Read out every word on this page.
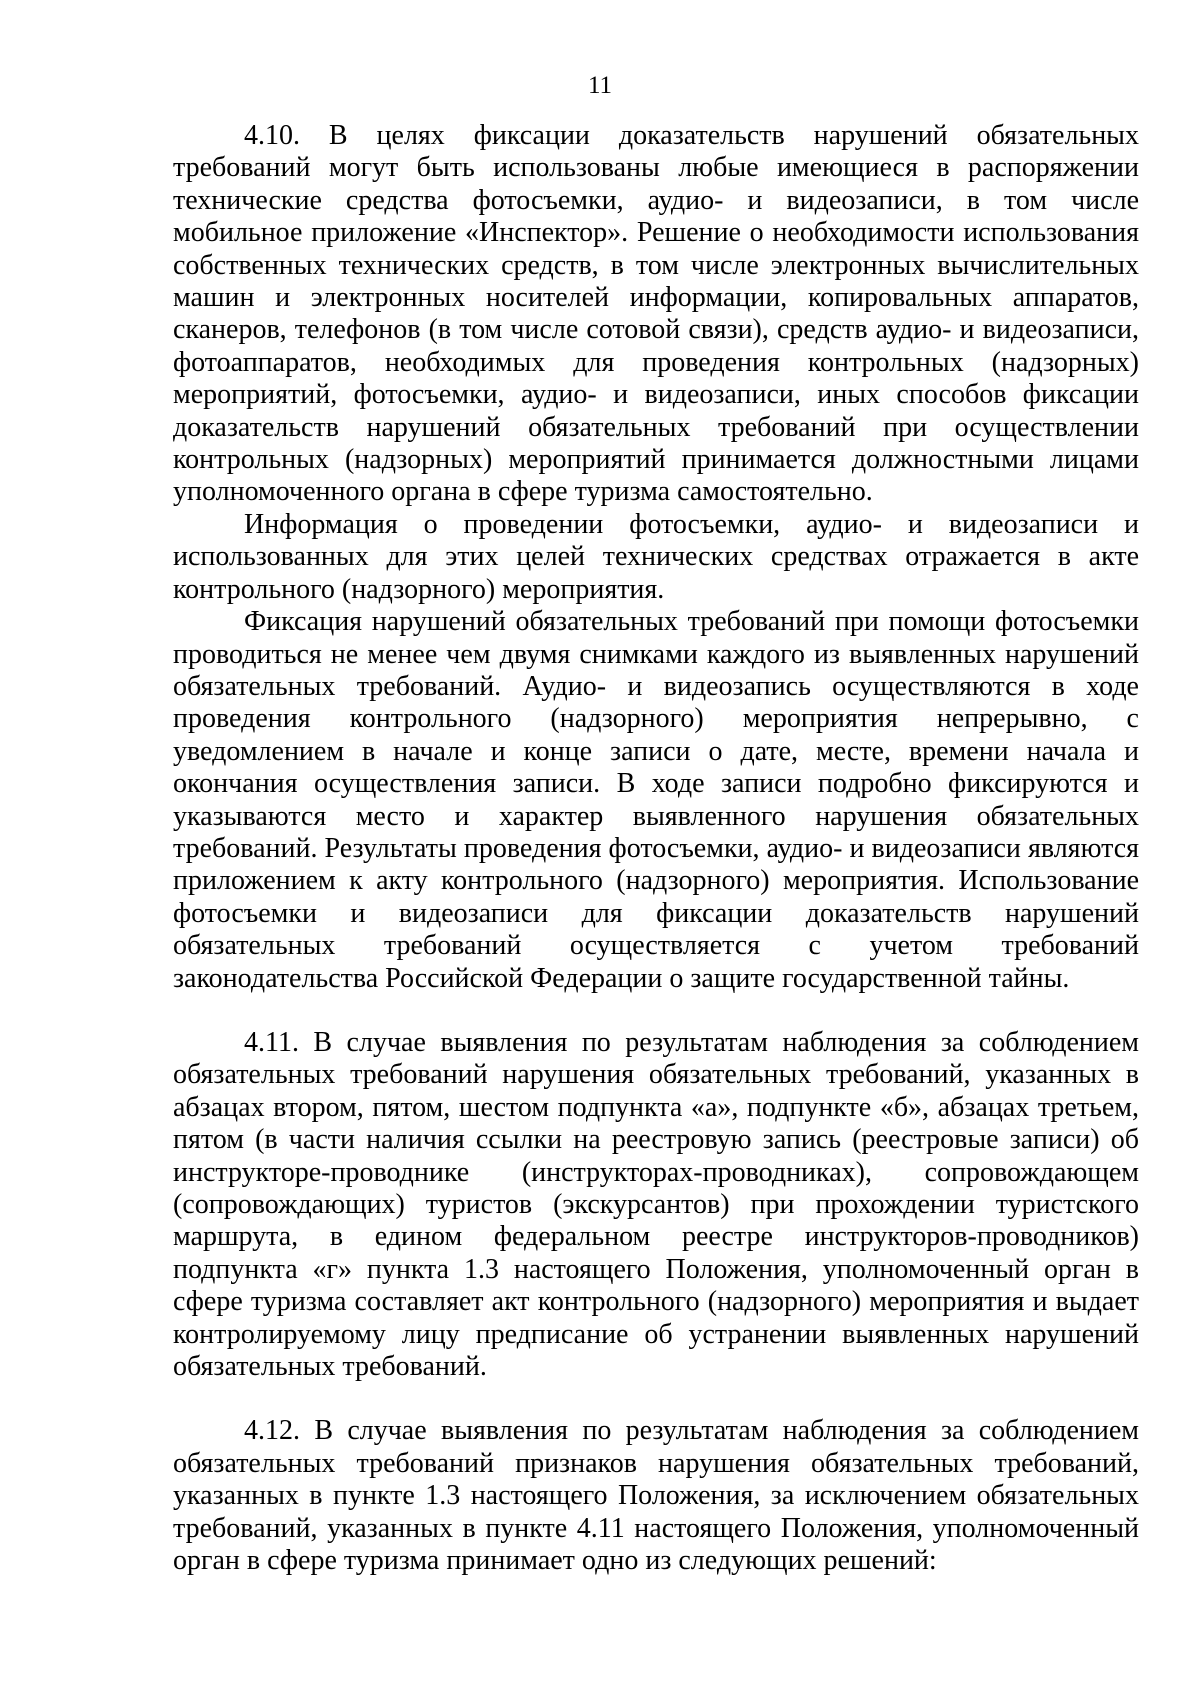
11

4.10. В целях фиксации доказательств нарушений обязательных требований могут быть использованы любые имеющиеся в распоряжении технические средства фотосъемки, аудио- и видеозаписи, в том числе мобильное приложение «Инспектор». Решение о необходимости использования собственных технических средств, в том числе электронных вычислительных машин и электронных носителей информации, копировальных аппаратов, сканеров, телефонов (в том числе сотовой связи), средств аудио- и видеозаписи, фотоаппаратов, необходимых для проведения контрольных (надзорных) мероприятий, фотосъемки, аудио- и видеозаписи, иных способов фиксации доказательств нарушений обязательных требований при осуществлении контрольных (надзорных) мероприятий принимается должностными лицами уполномоченного органа в сфере туризма самостоятельно.

Информация о проведении фотосъемки, аудио- и видеозаписи и использованных для этих целей технических средствах отражается в акте контрольного (надзорного) мероприятия.

Фиксация нарушений обязательных требований при помощи фотосъемки проводиться не менее чем двумя снимками каждого из выявленных нарушений обязательных требований. Аудио- и видеозапись осуществляются в ходе проведения контрольного (надзорного) мероприятия непрерывно, с уведомлением в начале и конце записи о дате, месте, времени начала и окончания осуществления записи. В ходе записи подробно фиксируются и указываются место и характер выявленного нарушения обязательных требований. Результаты проведения фотосъемки, аудио- и видеозаписи являются приложением к акту контрольного (надзорного) мероприятия. Использование фотосъемки и видеозаписи для фиксации доказательств нарушений обязательных требований осуществляется с учетом требований законодательства Российской Федерации о защите государственной тайны.

4.11. В случае выявления по результатам наблюдения за соблюдением обязательных требований нарушения обязательных требований, указанных в абзацах втором, пятом, шестом подпункта «а», подпункте «б», абзацах третьем, пятом (в части наличия ссылки на реестровую запись (реестровые записи) об инструкторе-проводнике (инструкторах-проводниках), сопровождающем (сопровождающих) туристов (экскурсантов) при прохождении туристского маршрута, в едином федеральном реестре инструкторов-проводников) подпункта «г» пункта 1.3 настоящего Положения, уполномоченный орган в сфере туризма составляет акт контрольного (надзорного) мероприятия и выдает контролируемому лицу предписание об устранении выявленных нарушений обязательных требований.

4.12. В случае выявления по результатам наблюдения за соблюдением обязательных требований признаков нарушения обязательных требований, указанных в пункте 1.3 настоящего Положения, за исключением обязательных требований, указанных в пункте 4.11 настоящего Положения, уполномоченный орган в сфере туризма принимает одно из следующих решений:
